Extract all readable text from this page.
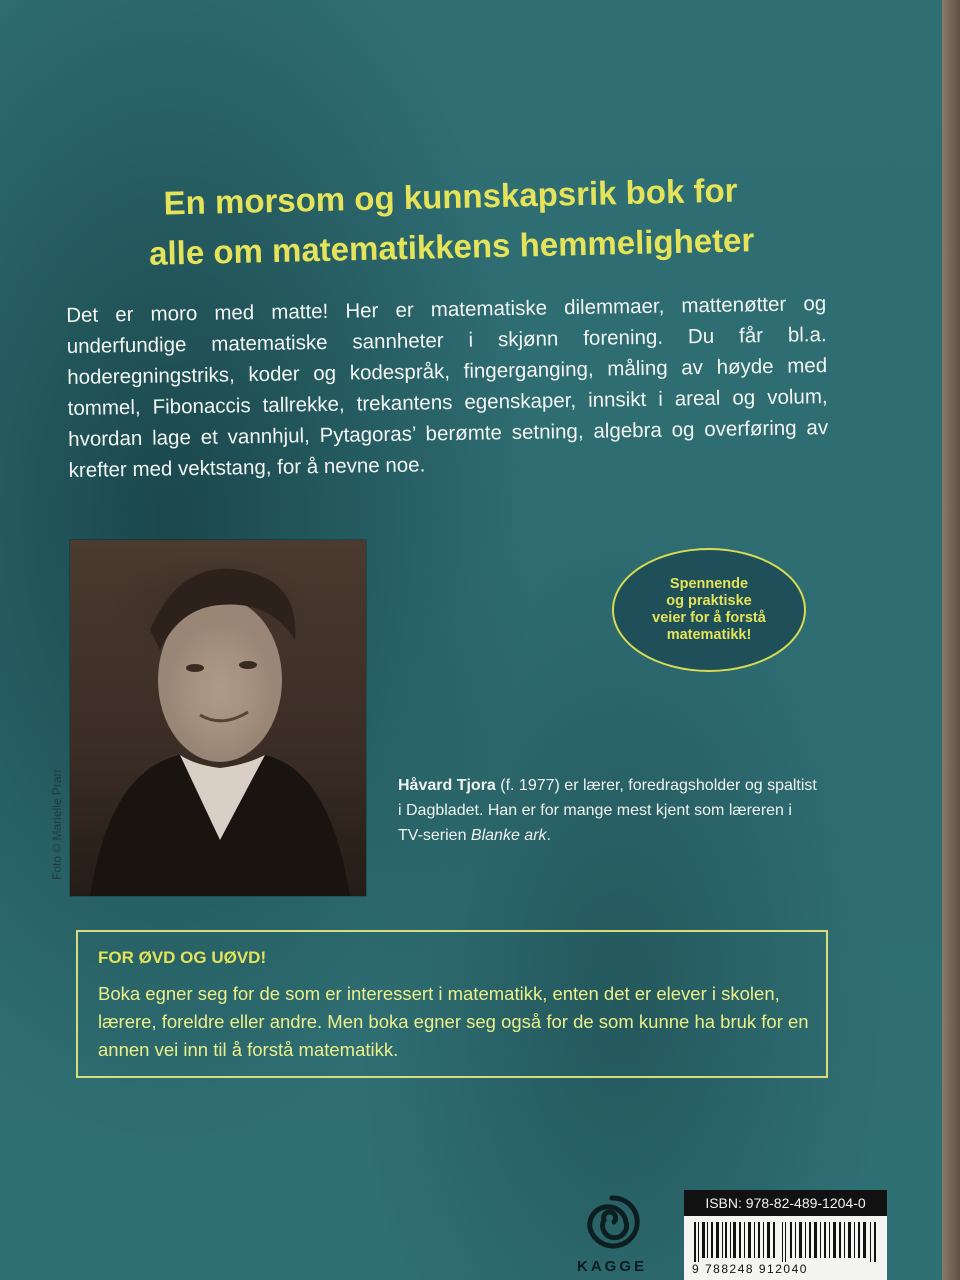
En morsom og kunnskapsrik bok for
alle om matematikkens hemmeligheter

Det er moro med matte! Her er matematiske dilemmaer, mattenøtter og underfundige matematiske sannheter i skjønn forening. Du får bl.a. hoderegningstriks, koder og kodespråk, fingerganging, måling av høyde med tommel, Fibonaccis tallrekke, trekantens egenskaper, innsikt i areal og volum, hvordan lage et vannhjul, Pytagoras’ berømte setning, algebra og overføring av krefter med vektstang, for å nevne noe.

Foto © Marielle Prarr
Spennende
og praktiske
veier for å forstå
matematikk!

Håvard Tjora (f. 1977) er lærer, foredragsholder og spaltist i Dagbladet. Han er for mange mest kjent som læreren i TV-serien Blanke ark.

FOR ØVD OG UØVD!
Boka egner seg for de som er interessert i matematikk, enten det er elever i skolen, lærere, foreldre eller andre. Men boka egner seg også for de som kunne ha bruk for en annen vei inn til å forstå matematikk.
KAGGE
ISBN: 978-82-489-1204-0
9 788248 912040
